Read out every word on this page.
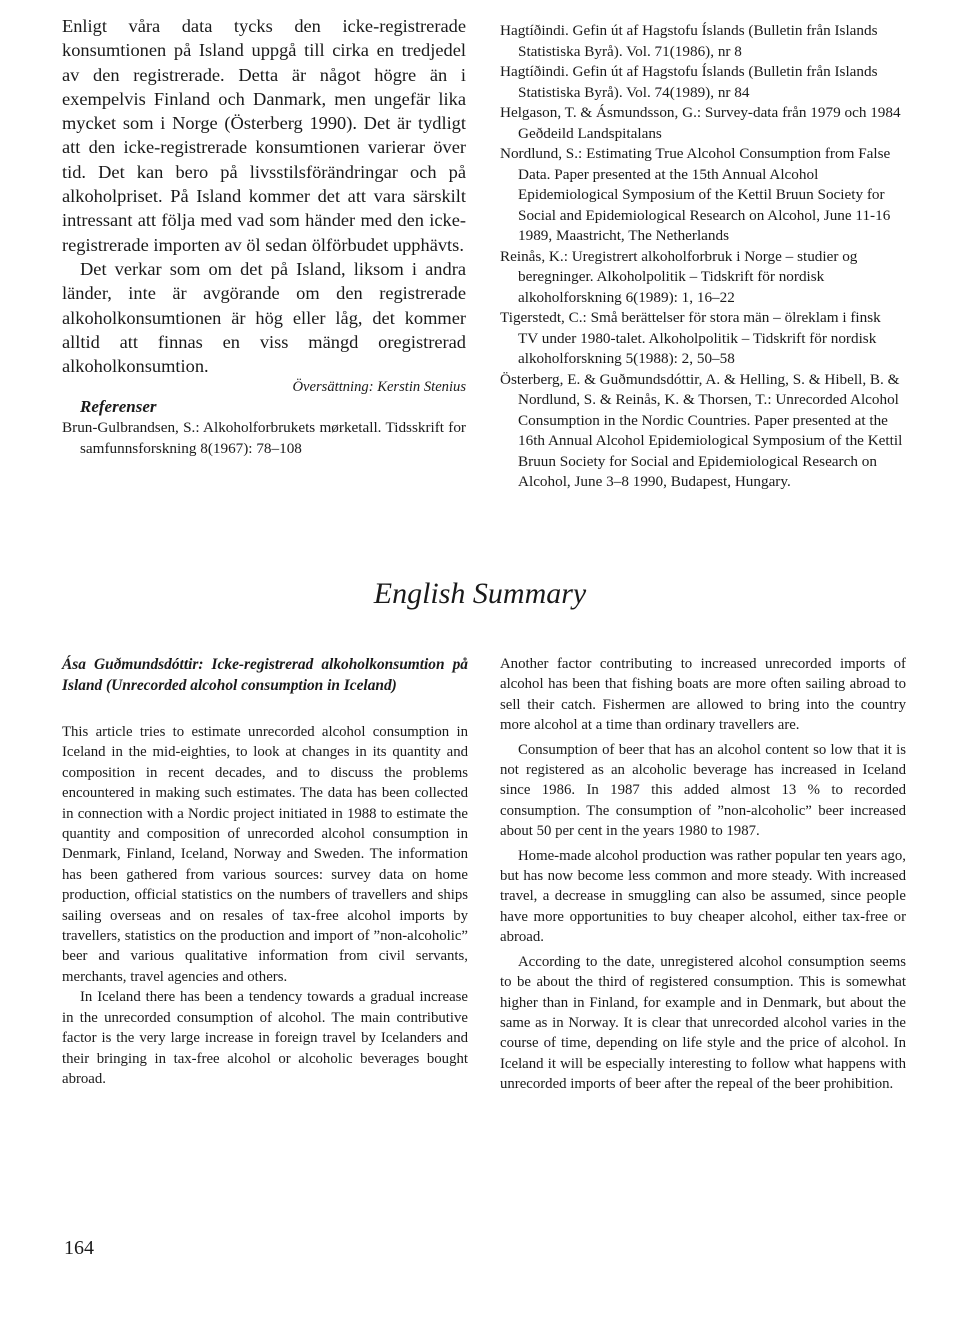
Enligt våra data tycks den icke-registrerade konsumtionen på Island uppgå till cirka en tredjedel av den registrerade. Detta är något högre än i exempelvis Finland och Danmark, men ungefär lika mycket som i Norge (Österberg 1990). Det är tydligt att den icke-registrerade konsumtionen varierar över tid. Det kan bero på livsstilsförändringar och på alkoholpriset. På Island kommer det att vara särskilt intressant att följa med vad som händer med den icke-registrerade importen av öl sedan ölförbudet upphävts.

Det verkar som om det på Island, liksom i andra länder, inte är avgörande om den registrerade alkoholkonsumtionen är hög eller låg, det kommer alltid att finnas en viss mängd oregistrerad alkoholkonsumtion.

Översättning: Kerstin Stenius

Referenser

Brun-Gulbrandsen, S.: Alkoholforbrukets mørketall. Tidsskrift for samfunnsforskning 8(1967): 78–108

Hagtíðindi. Gefin út af Hagstofu Íslands (Bulletin från Islands Statistiska Byrå). Vol. 71(1986), nr 8

Hagtíðindi. Gefin út af Hagstofu Íslands (Bulletin från Islands Statistiska Byrå). Vol. 74(1989), nr 84

Helgason, T. & Ásmundsson, G.: Survey-data från 1979 och 1984 Geðdeild Landspitalans

Nordlund, S.: Estimating True Alcohol Consumption from False Data. Paper presented at the 15th Annual Alcohol Epidemiological Symposium of the Kettil Bruun Society for Social and Epidemiological Research on Alcohol, June 11-16 1989, Maastricht, The Netherlands

Reinås, K.: Uregistrert alkoholforbruk i Norge – studier og beregninger. Alkoholpolitik – Tidskrift för nordisk alkoholforskning 6(1989): 1, 16–22

Tigerstedt, C.: Små berättelser för stora män – ölreklam i finsk TV under 1980-talet. Alkoholpolitik – Tidskrift för nordisk alkoholforskning 5(1988): 2, 50–58

Österberg, E. & Guðmundsdóttir, A. & Helling, S. & Hibell, B. & Nordlund, S. & Reinås, K. & Thorsen, T.: Unrecorded Alcohol Consumption in the Nordic Countries. Paper presented at the 16th Annual Alcohol Epidemiological Symposium of the Kettil Bruun Society for Social and Epidemiological Research on Alcohol, June 3–8 1990, Budapest, Hungary.

English Summary

Ása Guðmundsdóttir: Icke-registrerad alkoholkonsumtion på Island (Unrecorded alcohol consumption in Iceland)

This article tries to estimate unrecorded alcohol consumption in Iceland in the mid-eighties, to look at changes in its quantity and composition in recent decades, and to discuss the problems encountered in making such estimates. The data has been collected in connection with a Nordic project initiated in 1988 to estimate the quantity and composition of unrecorded alcohol consumption in Denmark, Finland, Iceland, Norway and Sweden. The information has been gathered from various sources: survey data on home production, official statistics on the numbers of travellers and ships sailing overseas and on resales of tax-free alcohol imports by travellers, statistics on the production and import of ”non-alcoholic” beer and various qualitative information from civil servants, merchants, travel agencies and others.

In Iceland there has been a tendency towards a gradual increase in the unrecorded consumption of alcohol. The main contributive factor is the very large increase in foreign travel by Icelanders and their bringing in tax-free alcohol or alcoholic beverages bought abroad.

Another factor contributing to increased unrecorded imports of alcohol has been that fishing boats are more often sailing abroad to sell their catch. Fishermen are allowed to bring into the country more alcohol at a time than ordinary travellers are.

Consumption of beer that has an alcohol content so low that it is not registered as an alcoholic beverage has increased in Iceland since 1986. In 1987 this added almost 13 % to recorded consumption. The consumption of ”non-alcoholic” beer increased about 50 per cent in the years 1980 to 1987.

Home-made alcohol production was rather popular ten years ago, but has now become less common and more steady. With increased travel, a decrease in smuggling can also be assumed, since people have more opportunities to buy cheaper alcohol, either tax-free or abroad.

According to the date, unregistered alcohol consumption seems to be about the third of registered consumption. This is somewhat higher than in Finland, for example and in Denmark, but about the same as in Norway. It is clear that unrecorded alcohol varies in the course of time, depending on life style and the price of alcohol. In Iceland it will be especially interesting to follow what happens with unrecorded imports of beer after the repeal of the beer prohibition.

164
